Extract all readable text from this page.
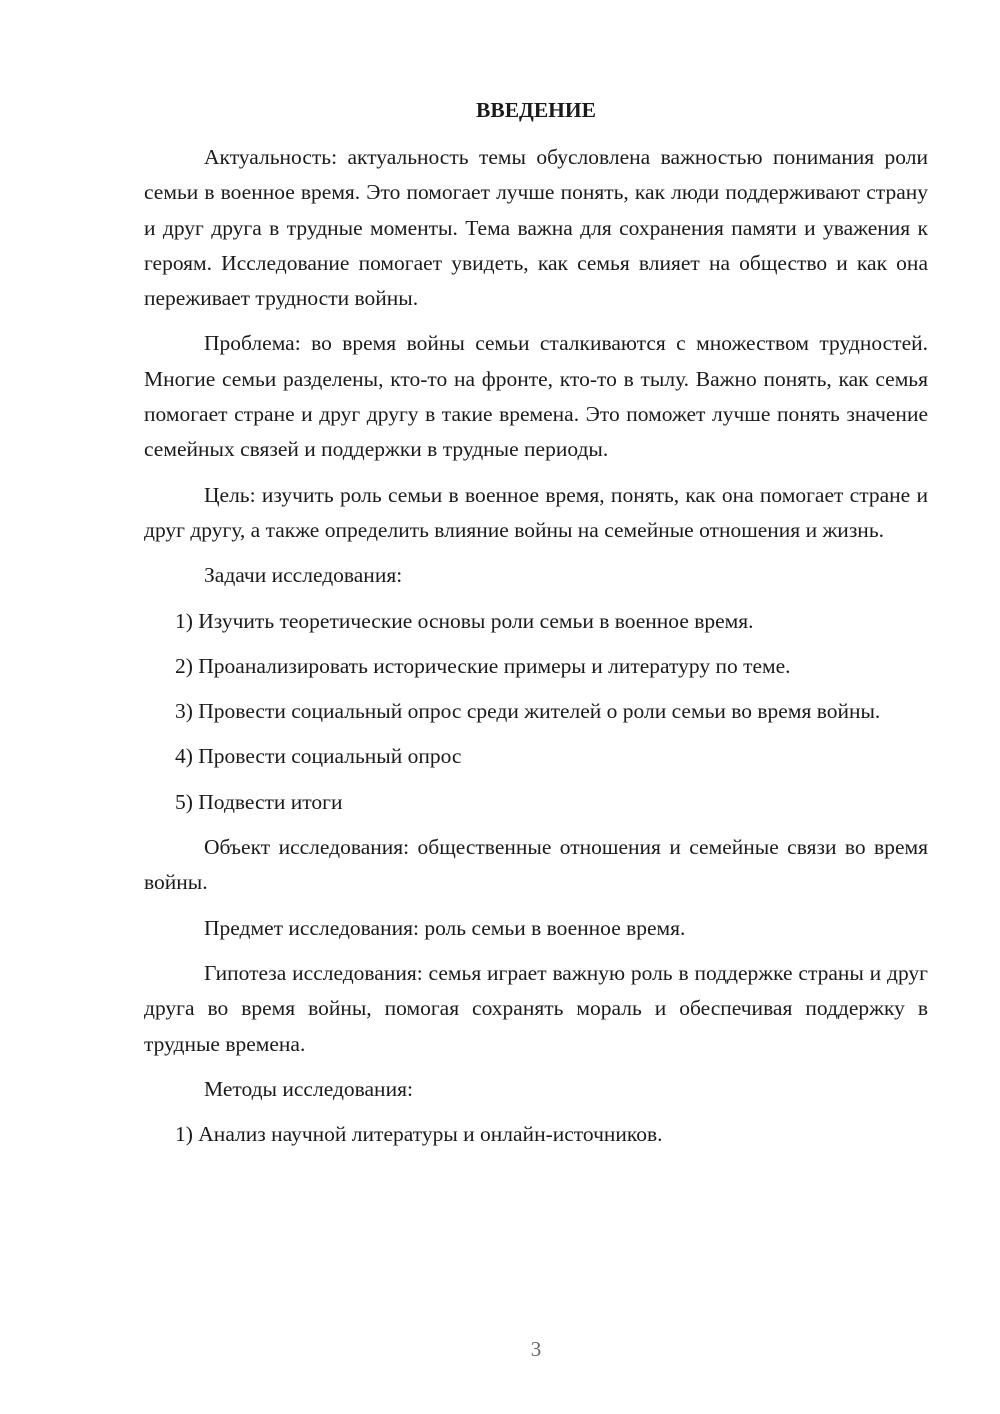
ВВЕДЕНИЕ

Актуальность: актуальность темы обусловлена важностью понимания роли семьи в военное время. Это помогает лучше понять, как люди поддерживают страну и друг друга в трудные моменты. Тема важна для сохранения памяти и уважения к героям. Исследование помогает увидеть, как семья влияет на общество и как она переживает трудности войны.

Проблема: во время войны семьи сталкиваются с множеством трудностей. Многие семьи разделены, кто-то на фронте, кто-то в тылу. Важно понять, как семья помогает стране и друг другу в такие времена. Это поможет лучше понять значение семейных связей и поддержки в трудные периоды.

Цель: изучить роль семьи в военное время, понять, как она помогает стране и друг другу, а также определить влияние войны на семейные отношения и жизнь.

Задачи исследования:

1) Изучить теоретические основы роли семьи в военное время.

2) Проанализировать исторические примеры и литературу по теме.

3) Провести социальный опрос среди жителей о роли семьи во время войны.

4) Провести социальный опрос

5) Подвести итоги

Объект исследования: общественные отношения и семейные связи во время войны.

Предмет исследования: роль семьи в военное время.

Гипотеза исследования: семья играет важную роль в поддержке страны и друг друга во время войны, помогая сохранять мораль и обеспечивая поддержку в трудные времена.

Методы исследования:

1) Анализ научной литературы и онлайн-источников.

3
